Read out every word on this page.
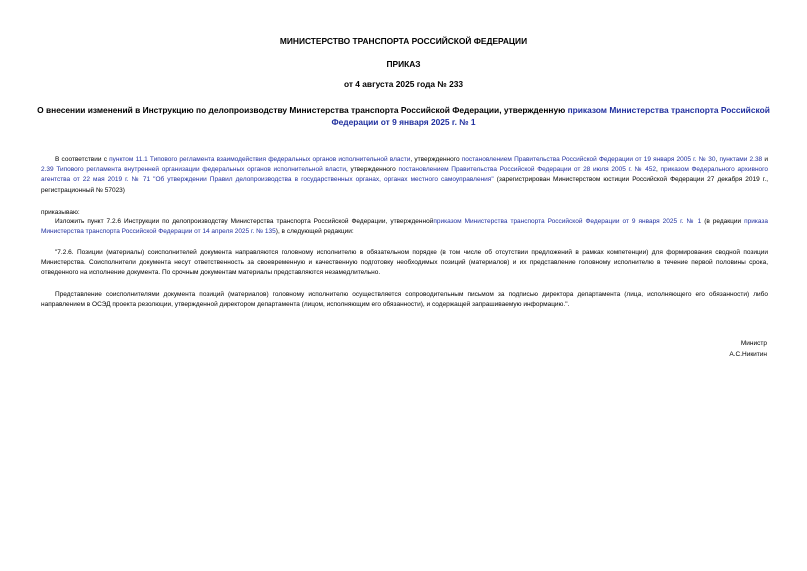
МИНИСТЕРСТВО ТРАНСПОРТА РОССИЙСКОЙ ФЕДЕРАЦИИ
ПРИКАЗ
от 4 августа 2025 года № 233
О внесении изменений в Инструкцию по делопроизводству Министерства транспорта Российской Федерации, утвержденную приказом Министерства транспорта Российской Федерации от 9 января 2025 г. № 1
В соответствии с пунктом 11.1 Типового регламента взаимодействия федеральных органов исполнительной власти, утвержденного постановлением Правительства Российской Федерации от 19 января 2005 г. № 30, пунктами 2.38 и 2.39 Типового регламента внутренней организации федеральных органов исполнительной власти, утвержденного постановлением Правительства Российской Федерации от 28 июля 2005 г. № 452, приказом Федерального архивного агентства от 22 мая 2019 г. № 71 "Об утверждении Правил делопроизводства в государственных органах, органах местного самоуправления" (зарегистрирован Министерством юстиции Российской Федерации 27 декабря 2019 г., регистрационный № 57023)
приказываю:
Изложить пункт 7.2.6 Инструкции по делопроизводству Министерства транспорта Российской Федерации, утвержденнойприказом Министерства транспорта Российской Федерации от 9 января 2025 г. № 1 (в редакции приказа Министерства транспорта Российской Федерации от 14 апреля 2025 г. № 135), в следующей редакции:
"7.2.6. Позиции (материалы) соисполнителей документа направляются головному исполнителю в обязательном порядке (в том числе об отсутствии предложений в рамках компетенции) для формирования сводной позиции Министерства. Соисполнители документа несут ответственность за своевременную и качественную подготовку необходимых позиций (материалов) и их представление головному исполнителю в течение первой половины срока, отведенного на исполнение документа. По срочным документам материалы представляются незамедлительно.
Представление соисполнителями документа позиций (материалов) головному исполнителю осуществляется сопроводительным письмом за подписью директора департамента (лица, исполняющего его обязанности) либо направлением в ОСЭД проекта резолюции, утвержденной директором департамента (лицом, исполняющим его обязанности), и содержащей запрашиваемую информацию.".
Министр
А.С.Никитин
